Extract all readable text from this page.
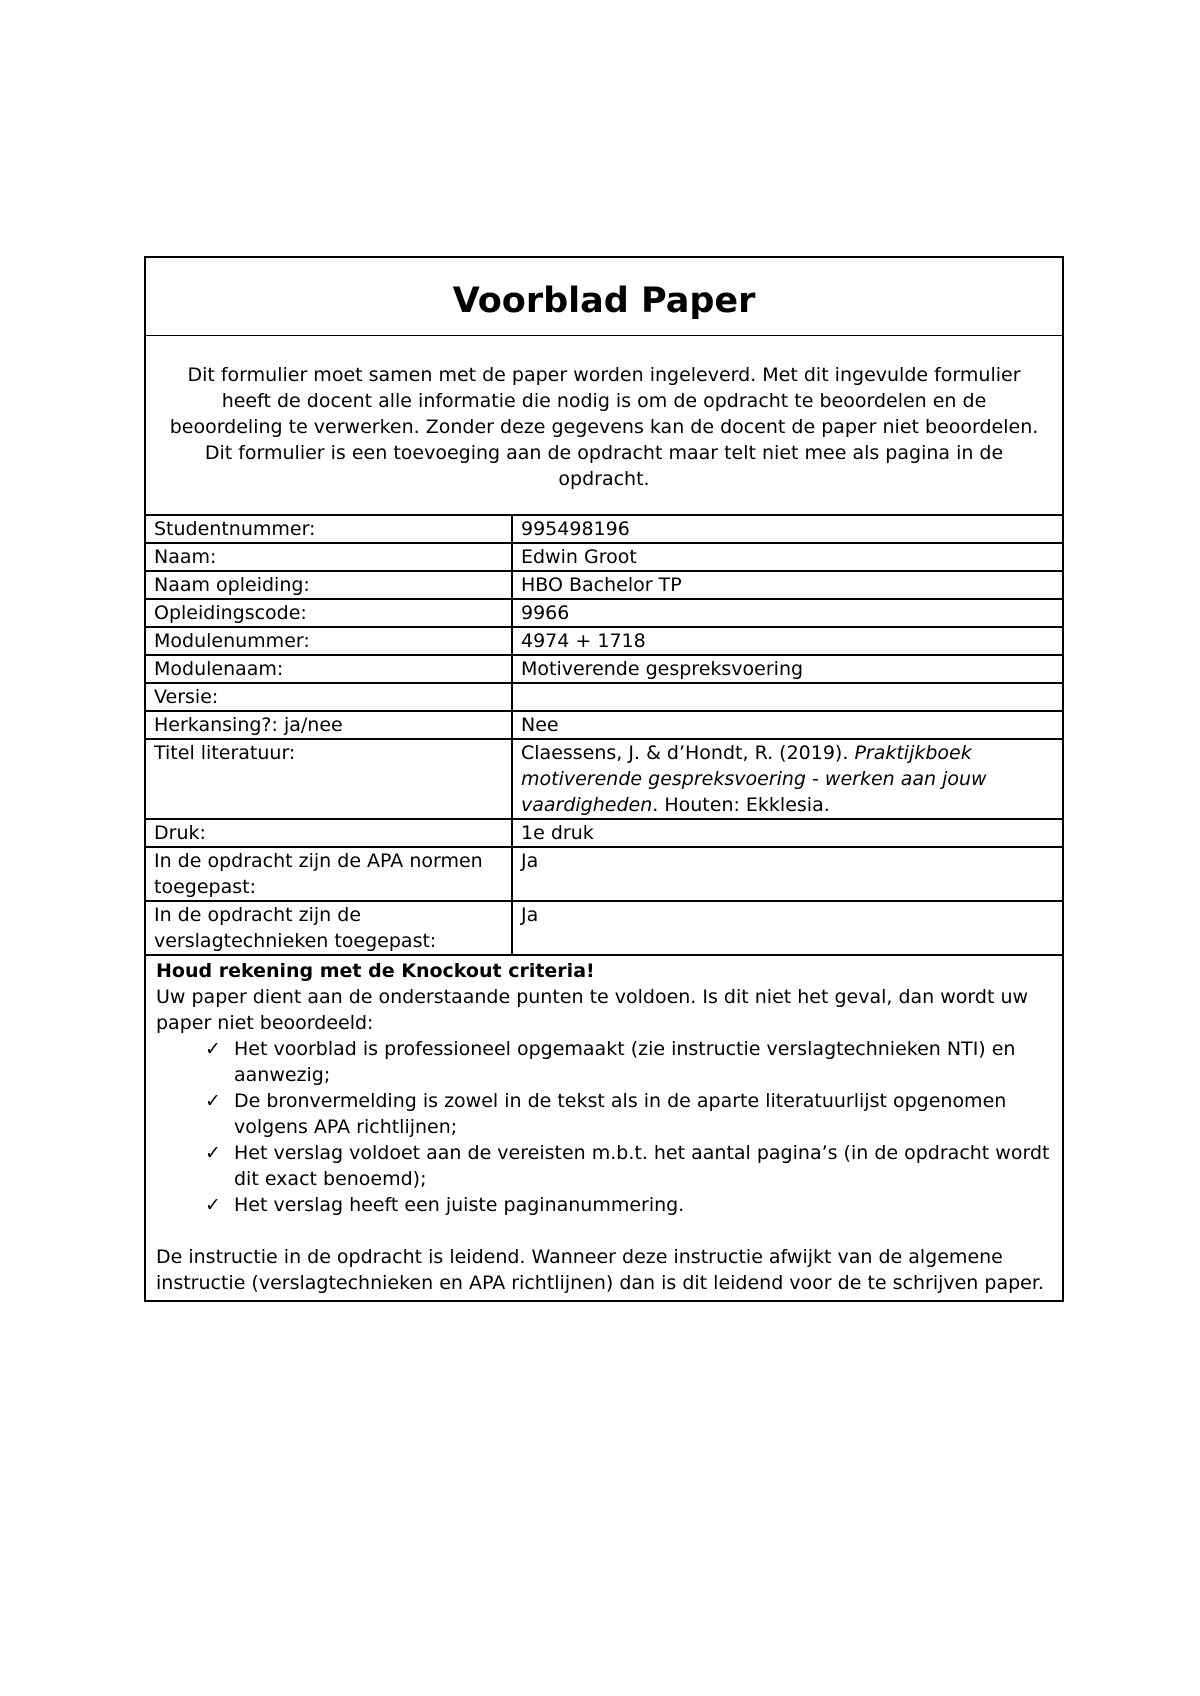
Voorblad Paper

Dit formulier moet samen met de paper worden ingeleverd. Met dit ingevulde formulier heeft de docent alle informatie die nodig is om de opdracht te beoordelen en de beoordeling te verwerken. Zonder deze gegevens kan de docent de paper niet beoordelen.

Dit formulier is een toevoeging aan de opdracht maar telt niet mee als pagina in de opdracht.

Studentnummer:	995498196
Naam:	Edwin Groot
Naam opleiding:	HBO Bachelor TP
Opleidingscode:	9966
Modulenummer:	4974 + 1718
Modulenaam:	Motiverende gespreksvoering
Versie:	
Herkansing?: ja/nee	Nee
Titel literatuur:	Claessens, J. & d’Hondt, R. (2019). Praktijkboek motiverende gespreksvoering - werken aan jouw vaardigheden. Houten: Ekklesia.
Druk:	1e druk
In de opdracht zijn de APA normen toegepast:	Ja
In de opdracht zijn de verslagtechnieken toegepast:	Ja

Houd rekening met de Knockout criteria!

Uw paper dient aan de onderstaande punten te voldoen. Is dit niet het geval, dan wordt uw paper niet beoordeeld:

✓ Het voorblad is professioneel opgemaakt (zie instructie verslagtechnieken NTI) en aanwezig;
✓ De bronvermelding is zowel in de tekst als in de aparte literatuurlijst opgenomen volgens APA richtlijnen;
✓ Het verslag voldoet aan de vereisten m.b.t. het aantal pagina’s (in de opdracht wordt dit exact benoemd);
✓ Het verslag heeft een juiste paginanummering.

De instructie in de opdracht is leidend. Wanneer deze instructie afwijkt van de algemene instructie (verslagtechnieken en APA richtlijnen) dan is dit leidend voor de te schrijven paper.
